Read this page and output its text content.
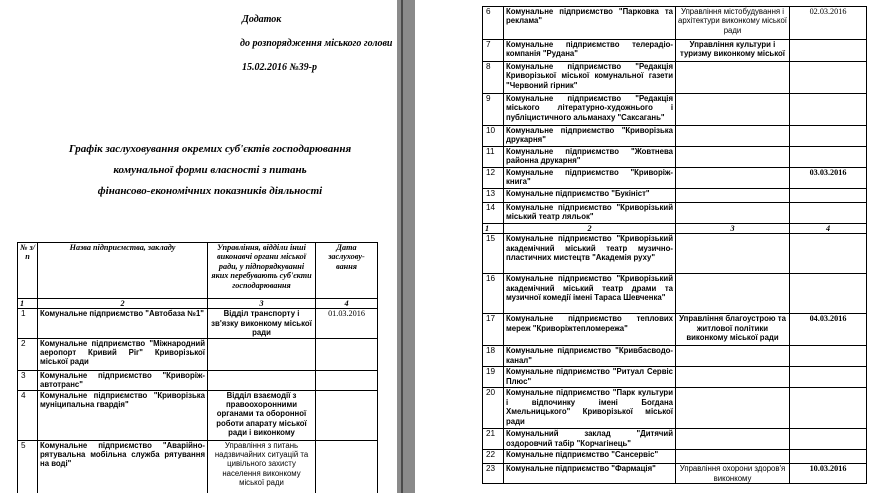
Додаток
до розпорядження міського голови
15.02.2016 №39-р
Графік заслуховування окремих суб'єктів господарювання
комунальної форми власності з питань
фінансово-економічних показників діяльності
№ з/п	Назва підприємства, закладу	Управління, відділи інші виконавчі органи міської ради, у підпорядкуванні яких перебувають суб'єкти господарювання	Дата заслухову-вання
1	2	3	4
1	Комунальне підприємство "Автобаза №1"	Відділ транспорту і зв'язку виконкому міської ради	01.03.2016
2	Комунальне підприємство "Міжнародний аеропорт Кривий Ріг" Криворізької міської ради		
3	Комунальне підприємство "Криворіж-автотранс"		
4	Комунальне підприємство "Криворізька муніципальна гвардія"	Відділ взаємодії з правоохоронними органами та оборонної роботи апарату міської ради і виконкому	
5	Комунальне підприємство "Аварійно-рятувальна мобільна служба рятування на воді"	Управління з питань надзвичайних ситуацій та цивільного захисту населення виконкому міської ради	
6	Комунальне підприємство "Парковка та реклама"	Управління містобудування і архітектури виконкому міської ради	02.03.2016
7	Комунальне підприємство телерадіо-компанія "Рудана"	Управління культури і туризму виконкому міської	
8	Комунальне підприємство "Редакція Криворізької міської комунальної газети "Червоний гірник"		
9	Комунальне підприємство "Редакція міського літературно-художнього і публіцистичного альманаху "Саксагань"		
10	Комунальне підприємство "Криворізька друкарня"		
11	Комунальне підприємство "Жовтнева районна друкарня"		
12	Комунальне підприємство "Криворіж-книга"		03.03.2016
13	Комунальне підприємство "Букініст"		
14	Комунальне підприємство "Криворізький міський театр ляльок"		
1	2	3	4
15	Комунальне підприємство "Криворізький академічний міський театр музично-пластичних мистецтв "Академія руху"		
16	Комунальне підприємство "Криворізький академічний міський театр драми та музичної комедії імені Тараса Шевченка"		
17	Комунальне підприємство теплових мереж "Криворіжтепломережа"	Управління благоустрою та житлової політики виконкому міської ради	04.03.2016
18	Комунальне підприємство "Кривбасводо-канал"		
19	Комунальне підприємство "Ритуал Сервіс Плюс"		
20	Комунальне підприємство "Парк культури і відпочинку імені Богдана Хмельницького" Криворізької міської ради		
21	Комунальний заклад "Дитячий оздоровчий табір "Корчагінець"		
22	Комунальне підприємство "Сансервіс"		
23	Комунальне підприємство "Фармація"	Управління охорони здоров'я виконкому	10.03.2016
